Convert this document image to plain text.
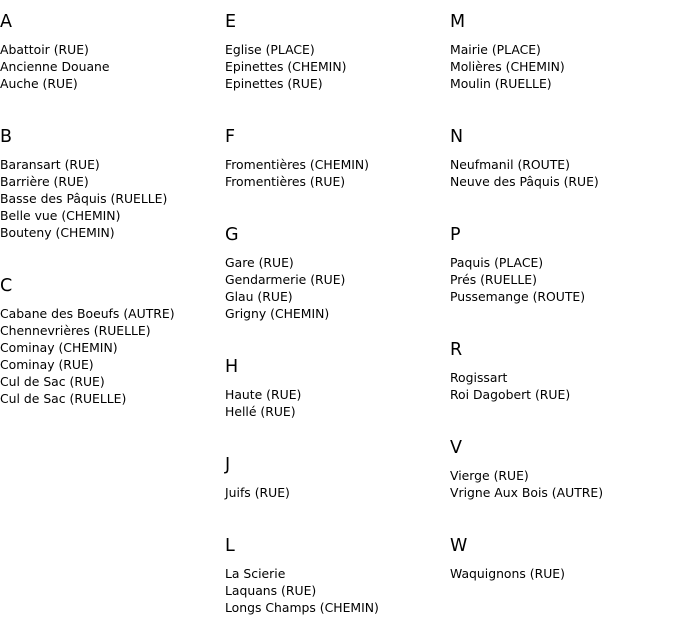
A
Abattoir (RUE)
Ancienne Douane
Auche (RUE)
B
Baransart (RUE)
Barrière (RUE)
Basse des Pâquis (RUELLE)
Belle vue (CHEMIN)
Bouteny (CHEMIN)
C
Cabane des Boeufs (AUTRE)
Chennevrières (RUELLE)
Cominay (CHEMIN)
Cominay (RUE)
Cul de Sac (RUE)
Cul de Sac (RUELLE)
E
Eglise (PLACE)
Epinettes (CHEMIN)
Epinettes (RUE)
F
Fromentières (CHEMIN)
Fromentières (RUE)
G
Gare (RUE)
Gendarmerie (RUE)
Glau (RUE)
Grigny (CHEMIN)
H
Haute (RUE)
Hellé (RUE)
J
Juifs (RUE)
L
La Scierie
Laquans (RUE)
Longs Champs (CHEMIN)
M
Mairie (PLACE)
Molières (CHEMIN)
Moulin (RUELLE)
N
Neufmanil (ROUTE)
Neuve des Pâquis (RUE)
P
Paquis (PLACE)
Prés (RUELLE)
Pussemange (ROUTE)
R
Rogissart
Roi Dagobert (RUE)
V
Vierge (RUE)
Vrigne Aux Bois (AUTRE)
W
Waquignons (RUE)
